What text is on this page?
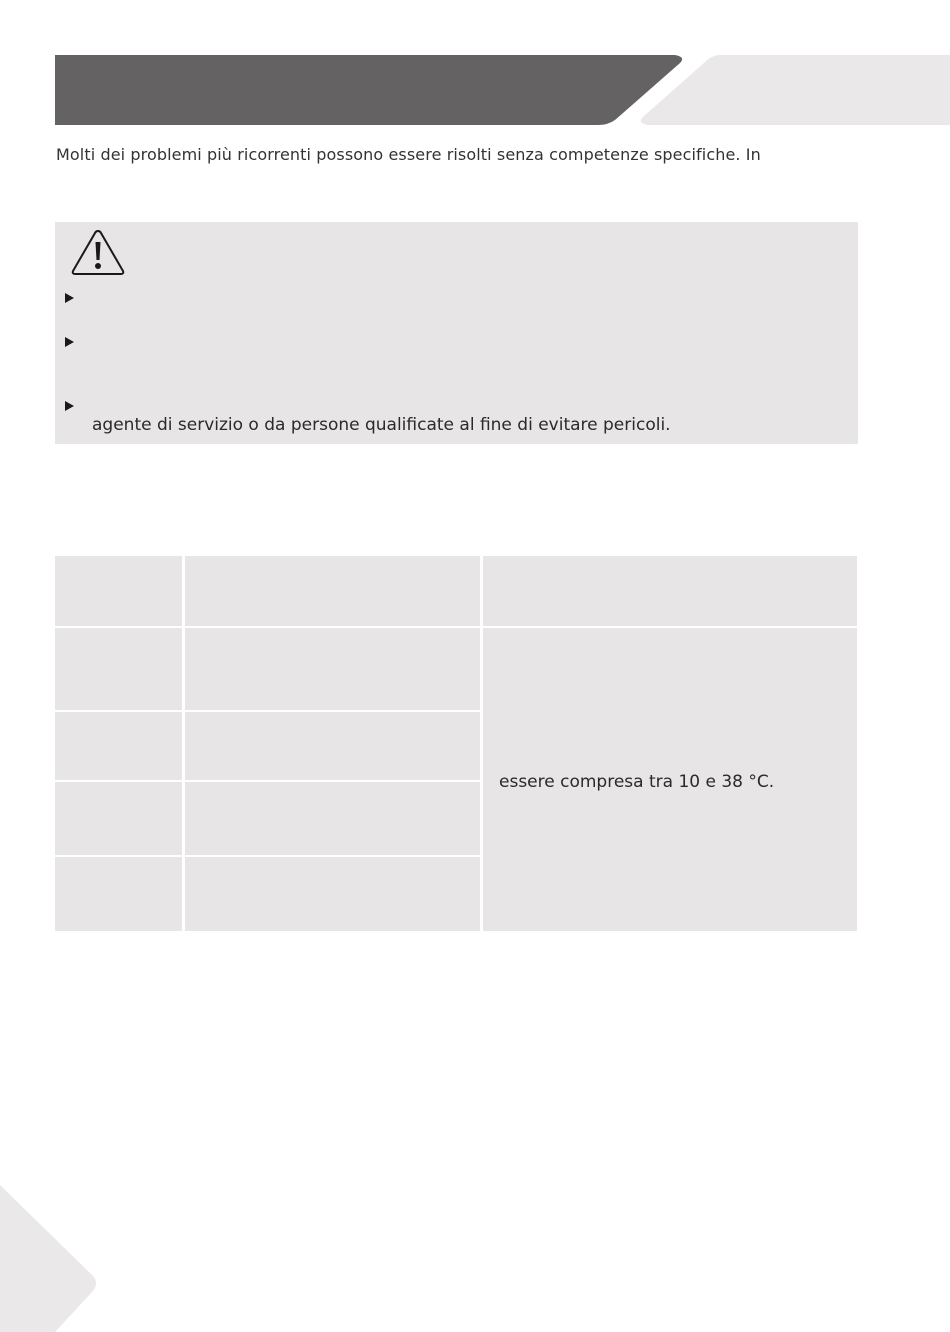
Molti dei problemi più ricorrenti possono essere risolti senza competenze specifiche. In
agente di servizio o da persone qualificate al fine di evitare pericoli.
essere compresa tra 10 e 38 °C.
